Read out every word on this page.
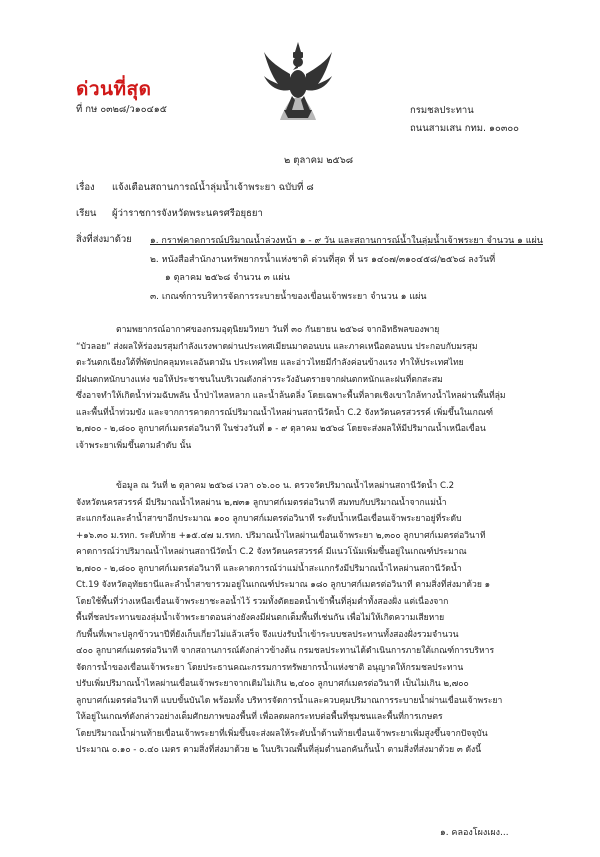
ด่วนที่สุด
ที่ กษ ๐๓๒๘/ว๑๐๔๑๕	กรมชลประทาน
ถนนสามเสน กทม. ๑๐๓๐๐
๒ ตุลาคม ๒๕๖๘
เรื่อง แจ้งเตือนสถานการณ์น้ำลุ่มน้ำเจ้าพระยา ฉบับที่ ๘
เรียน ผู้ว่าราชการจังหวัดพระนครศรีอยุธยา
สิ่งที่ส่งมาด้วย ๑. กราฟคาดการณ์ปริมาณน้ำล่วงหน้า ๑ - ๙ วัน และสถานการณ์น้ำในลุ่มน้ำเจ้าพระยา จำนวน ๑ แผ่น
๒. หนังสือสำนักงานทรัพยากรน้ำแห่งชาติ ด่วนที่สุด ที่ นร ๑๔๐๗/๓๑๐๔๕๘/๒๕๖๘ ลงวันที่
๑ ตุลาคม ๒๕๖๘ จำนวน ๓ แผ่น
๓. เกณฑ์การบริหารจัดการระบายน้ำของเขื่อนเจ้าพระยา จำนวน ๑ แผ่น
ตามพยากรณ์อากาศของกรมอุตุนิยมวิทยา วันที่ ๓๐ กันยายน ๒๕๖๘ จากอิทธิพลของพายุ
“บัวลอย” ส่งผลให้ร่องมรสุมกำลังแรงพาดผ่านประเทศเมียนมาตอนบน และภาคเหนือตอนบน ประกอบกับมรสุม
ตะวันตกเฉียงใต้ที่พัดปกคลุมทะเลอันดามัน ประเทศไทย และอ่าวไทยมีกำลังค่อนข้างแรง ทำให้ประเทศไทย
มีฝนตกหนักบางแห่ง ขอให้ประชาชนในบริเวณดังกล่าวระวังอันตรายจากฝนตกหนักและฝนที่ตกสะสม
ซึ่งอาจทำให้เกิดน้ำท่วมฉับพลัน น้ำป่าไหลหลาก และน้ำล้นตลิ่ง โดยเฉพาะพื้นที่ลาดเชิงเขาใกล้ทางน้ำไหลผ่านพื้นที่ลุ่ม
และพื้นที่น้ำท่วมขัง และจากการคาดการณ์ปริมาณน้ำไหลผ่านสถานีวัดน้ำ C.2 จังหวัดนครสวรรค์ เพิ่มขึ้นในเกณฑ์
๒,๗๐๐ - ๒,๘๐๐ ลูกบาศก์เมตรต่อวินาที ในช่วงวันที่ ๑ - ๙ ตุลาคม ๒๕๖๘ โดยจะส่งผลให้มีปริมาณน้ำเหนือเขื่อน
เจ้าพระยาเพิ่มขึ้นตามลำดับ นั้น
ข้อมูล ณ วันที่ ๒ ตุลาคม ๒๕๖๘ เวลา ๐๖.๐๐ น. ตรวจวัดปริมาณน้ำไหลผ่านสถานีวัดน้ำ C.2
จังหวัดนครสวรรค์ มีปริมาณน้ำไหลผ่าน ๒,๗๓๑ ลูกบาศก์เมตรต่อวินาที สมทบกับปริมาณน้ำจากแม่น้ำ
สะแกกรังและลำน้ำสาขาอีกประมาณ ๑๐๐ ลูกบาศก์เมตรต่อวินาที ระดับน้ำเหนือเขื่อนเจ้าพระยาอยู่ที่ระดับ
+๑๖.๓๐ ม.รทก. ระดับท้าย +๑๕.๔๗ ม.รทก. ปริมาณน้ำไหลผ่านเขื่อนเจ้าพระยา ๒,๓๐๐ ลูกบาศก์เมตรต่อวินาที
คาดการณ์ว่าปริมาณน้ำไหลผ่านสถานีวัดน้ำ C.2 จังหวัดนครสวรรค์ มีแนวโน้มเพิ่มขึ้นอยู่ในเกณฑ์ประมาณ
๒,๗๐๐ - ๒,๘๐๐ ลูกบาศก์เมตรต่อวินาที และคาดการณ์ว่าแม่น้ำสะแกกรังมีปริมาณน้ำไหลผ่านสถานีวัดน้ำ
Ct.19 จังหวัดอุทัยธานีและลำน้ำสาขารวมอยู่ในเกณฑ์ประมาณ ๑๘๐ ลูกบาศก์เมตรต่อวินาที ตามสิ่งที่ส่งมาด้วย ๑
โดยใช้พื้นที่ว่างเหนือเขื่อนเจ้าพระยาชะลอน้ำไว้ รวมทั้งตัดยอดน้ำเข้าพื้นที่ลุ่มต่ำทั้งสองฝั่ง แต่เนื่องจาก
พื้นที่ชลประทานของลุ่มน้ำเจ้าพระยาตอนล่างยังคงมีฝนตกเต็มพื้นที่เช่นกัน เพื่อไม่ให้เกิดความเสียหาย
กับพื้นที่เพาะปลูกข้าวนาปีที่ยังเก็บเกี่ยวไม่แล้วเสร็จ จึงแบ่งรับน้ำเข้าระบบชลประทานทั้งสองฝั่งรวมจำนวน
๔๐๐ ลูกบาศก์เมตรต่อวินาที จากสถานการณ์ดังกล่าวข้างต้น กรมชลประทานได้ดำเนินการภายใต้เกณฑ์การบริหาร
จัดการน้ำของเขื่อนเจ้าพระยา โดยประธานคณะกรรมการทรัพยากรน้ำแห่งชาติ อนุญาตให้กรมชลประทาน
ปรับเพิ่มปริมาณน้ำไหลผ่านเขื่อนเจ้าพระยาจากเดิมไม่เกิน ๒,๔๐๐ ลูกบาศก์เมตรต่อวินาที เป็นไม่เกิน ๒,๗๐๐
ลูกบาศก์เมตรต่อวินาที แบบขั้นบันได พร้อมทั้ง บริหารจัดการน้ำและควบคุมปริมาณการระบายน้ำผ่านเขื่อนเจ้าพระยา
ให้อยู่ในเกณฑ์ดังกล่าวอย่างเต็มศักยภาพของพื้นที่ เพื่อลดผลกระทบต่อพื้นที่ชุมชนและพื้นที่การเกษตร
โดยปริมาณน้ำผ่านท้ายเขื่อนเจ้าพระยาที่เพิ่มขึ้นจะส่งผลให้ระดับน้ำด้านท้ายเขื่อนเจ้าพระยาเพิ่มสูงขึ้นจากปัจจุบัน
ประมาณ ๐.๑๐ - ๐.๔๐ เมตร ตามสิ่งที่ส่งมาด้วย ๒ ในบริเวณพื้นที่ลุ่มต่ำนอกคันกั้นน้ำ ตามสิ่งที่ส่งมาด้วย ๓ ดังนี้
๑. คลองโผงเผง...
